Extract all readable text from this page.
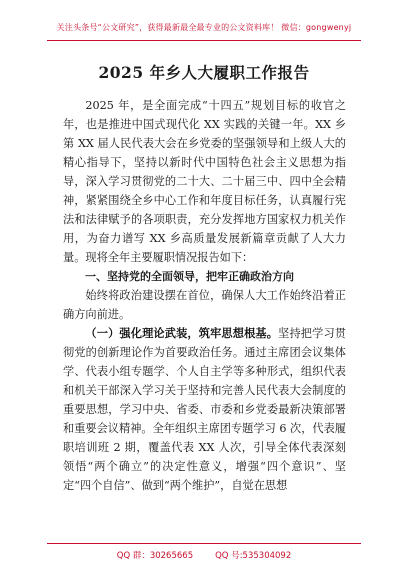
关注头条号“公文研究”，获得最新最全最专业的公文资料库！ 微信：gongwenyj
2025 年乡人大履职工作报告

2025 年，是全面完成“十四五”规划目标的收官之年，也是推进中国式现代化 XX 实践的关键一年。XX 乡第 XX 届人民代表大会在乡党委的坚强领导和上级人大的精心指导下，坚持以新时代中国特色社会主义思想为指导，深入学习贯彻党的二十大、二十届三中、四中全会精神，紧紧围绕全乡中心工作和年度目标任务，认真履行宪法和法律赋予的各项职责，充分发挥地方国家权力机关作用，为奋力谱写 XX 乡高质量发展新篇章贡献了人大力量。现将全年主要履职情况报告如下：

一、坚持党的全面领导，把牢正确政治方向

始终将政治建设摆在首位，确保人大工作始终沿着正确方向前进。

（一）强化理论武装，筑牢思想根基。坚持把学习贯彻党的创新理论作为首要政治任务。通过主席团会议集体学、代表小组专题学、个人自主学等多种形式，组织代表和机关干部深入学习关于坚持和完善人民代表大会制度的重要思想，学习中央、省委、市委和乡党委最新决策部署和重要会议精神。全年组织主席团专题学习 6 次，代表履职培训班 2 期，覆盖代表 XX 人次，引导全体代表深刻领悟“两个确立”的决定性意义，增强“四个意识”、坚定“四个自信”、做到“两个维护”，自觉在思想

QQ 群：30265665	QQ 号:535304092
